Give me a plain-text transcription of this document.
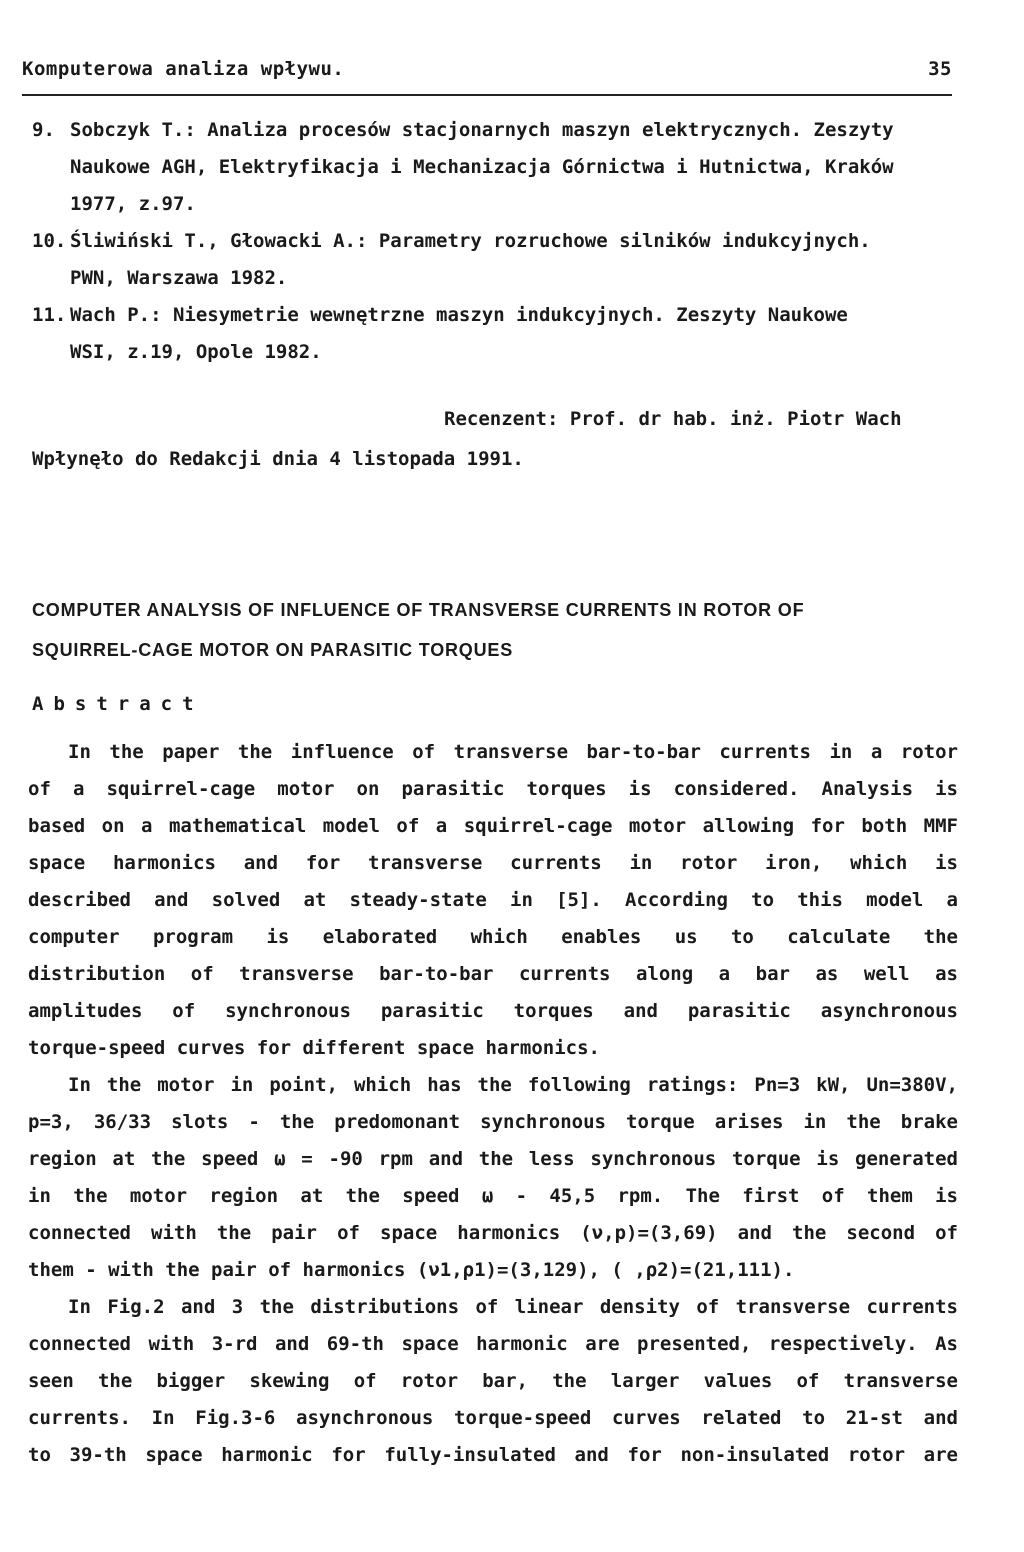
Komputerowa analiza wpływu.	35
9. Sobczyk T.: Analiza procesów stacjonarnych maszyn elektrycznych. Zeszyty
Naukowe AGH, Elektryfikacja i Mechanizacja Górnictwa i Hutnictwa, Kraków
1977, z.97.
10. Śliwiński T., Głowacki A.: Parametry rozruchowe silników indukcyjnych.
PWN, Warszawa 1982.
11. Wach P.: Niesymetrie wewnętrzne maszyn indukcyjnych. Zeszyty Naukowe
WSI, z.19, Opole 1982.
Recenzent: Prof. dr hab. inż. Piotr Wach
Wpłynęło do Redakcji dnia 4 listopada 1991.
COMPUTER ANALYSIS OF INFLUENCE OF TRANSVERSE CURRENTS IN ROTOR OF
SQUIRREL-CAGE MOTOR ON PARASITIC TORQUES
Abstract
In the paper the influence of transverse bar-to-bar currents in a rotor
of a squirrel-cage motor on parasitic torques is considered. Analysis is
based on a mathematical model of a squirrel-cage motor allowing for both MMF
space harmonics and for transverse currents in rotor iron, which is
described and solved at steady-state in [5]. According to this model a
computer program is elaborated which enables us to calculate the
distribution of transverse bar-to-bar currents along a bar as well as
amplitudes of synchronous parasitic torques and parasitic asynchronous
torque-speed curves for different space harmonics.
In the motor in point, which has the following ratings: Pn=3 kW, Un=380V,
p=3, 36/33 slots - the predomonant synchronous torque arises in the brake
region at the speed ω = -90 rpm and the less synchronous torque is generated
in the motor region at the speed ω - 45,5 rpm. The first of them is
connected with the pair of space harmonics (ν,p)=(3,69) and the second of
them - with the pair of harmonics (ν1,ρ1)=(3,129), ( ,ρ2)=(21,111).
In Fig.2 and 3 the distributions of linear density of transverse currents
connected with 3-rd and 69-th space harmonic are presented, respectively. As
seen the bigger skewing of rotor bar, the larger values of transverse
currents. In Fig.3-6 asynchronous torque-speed curves related to 21-st and
to 39-th space harmonic for fully-insulated and for non-insulated rotor are
